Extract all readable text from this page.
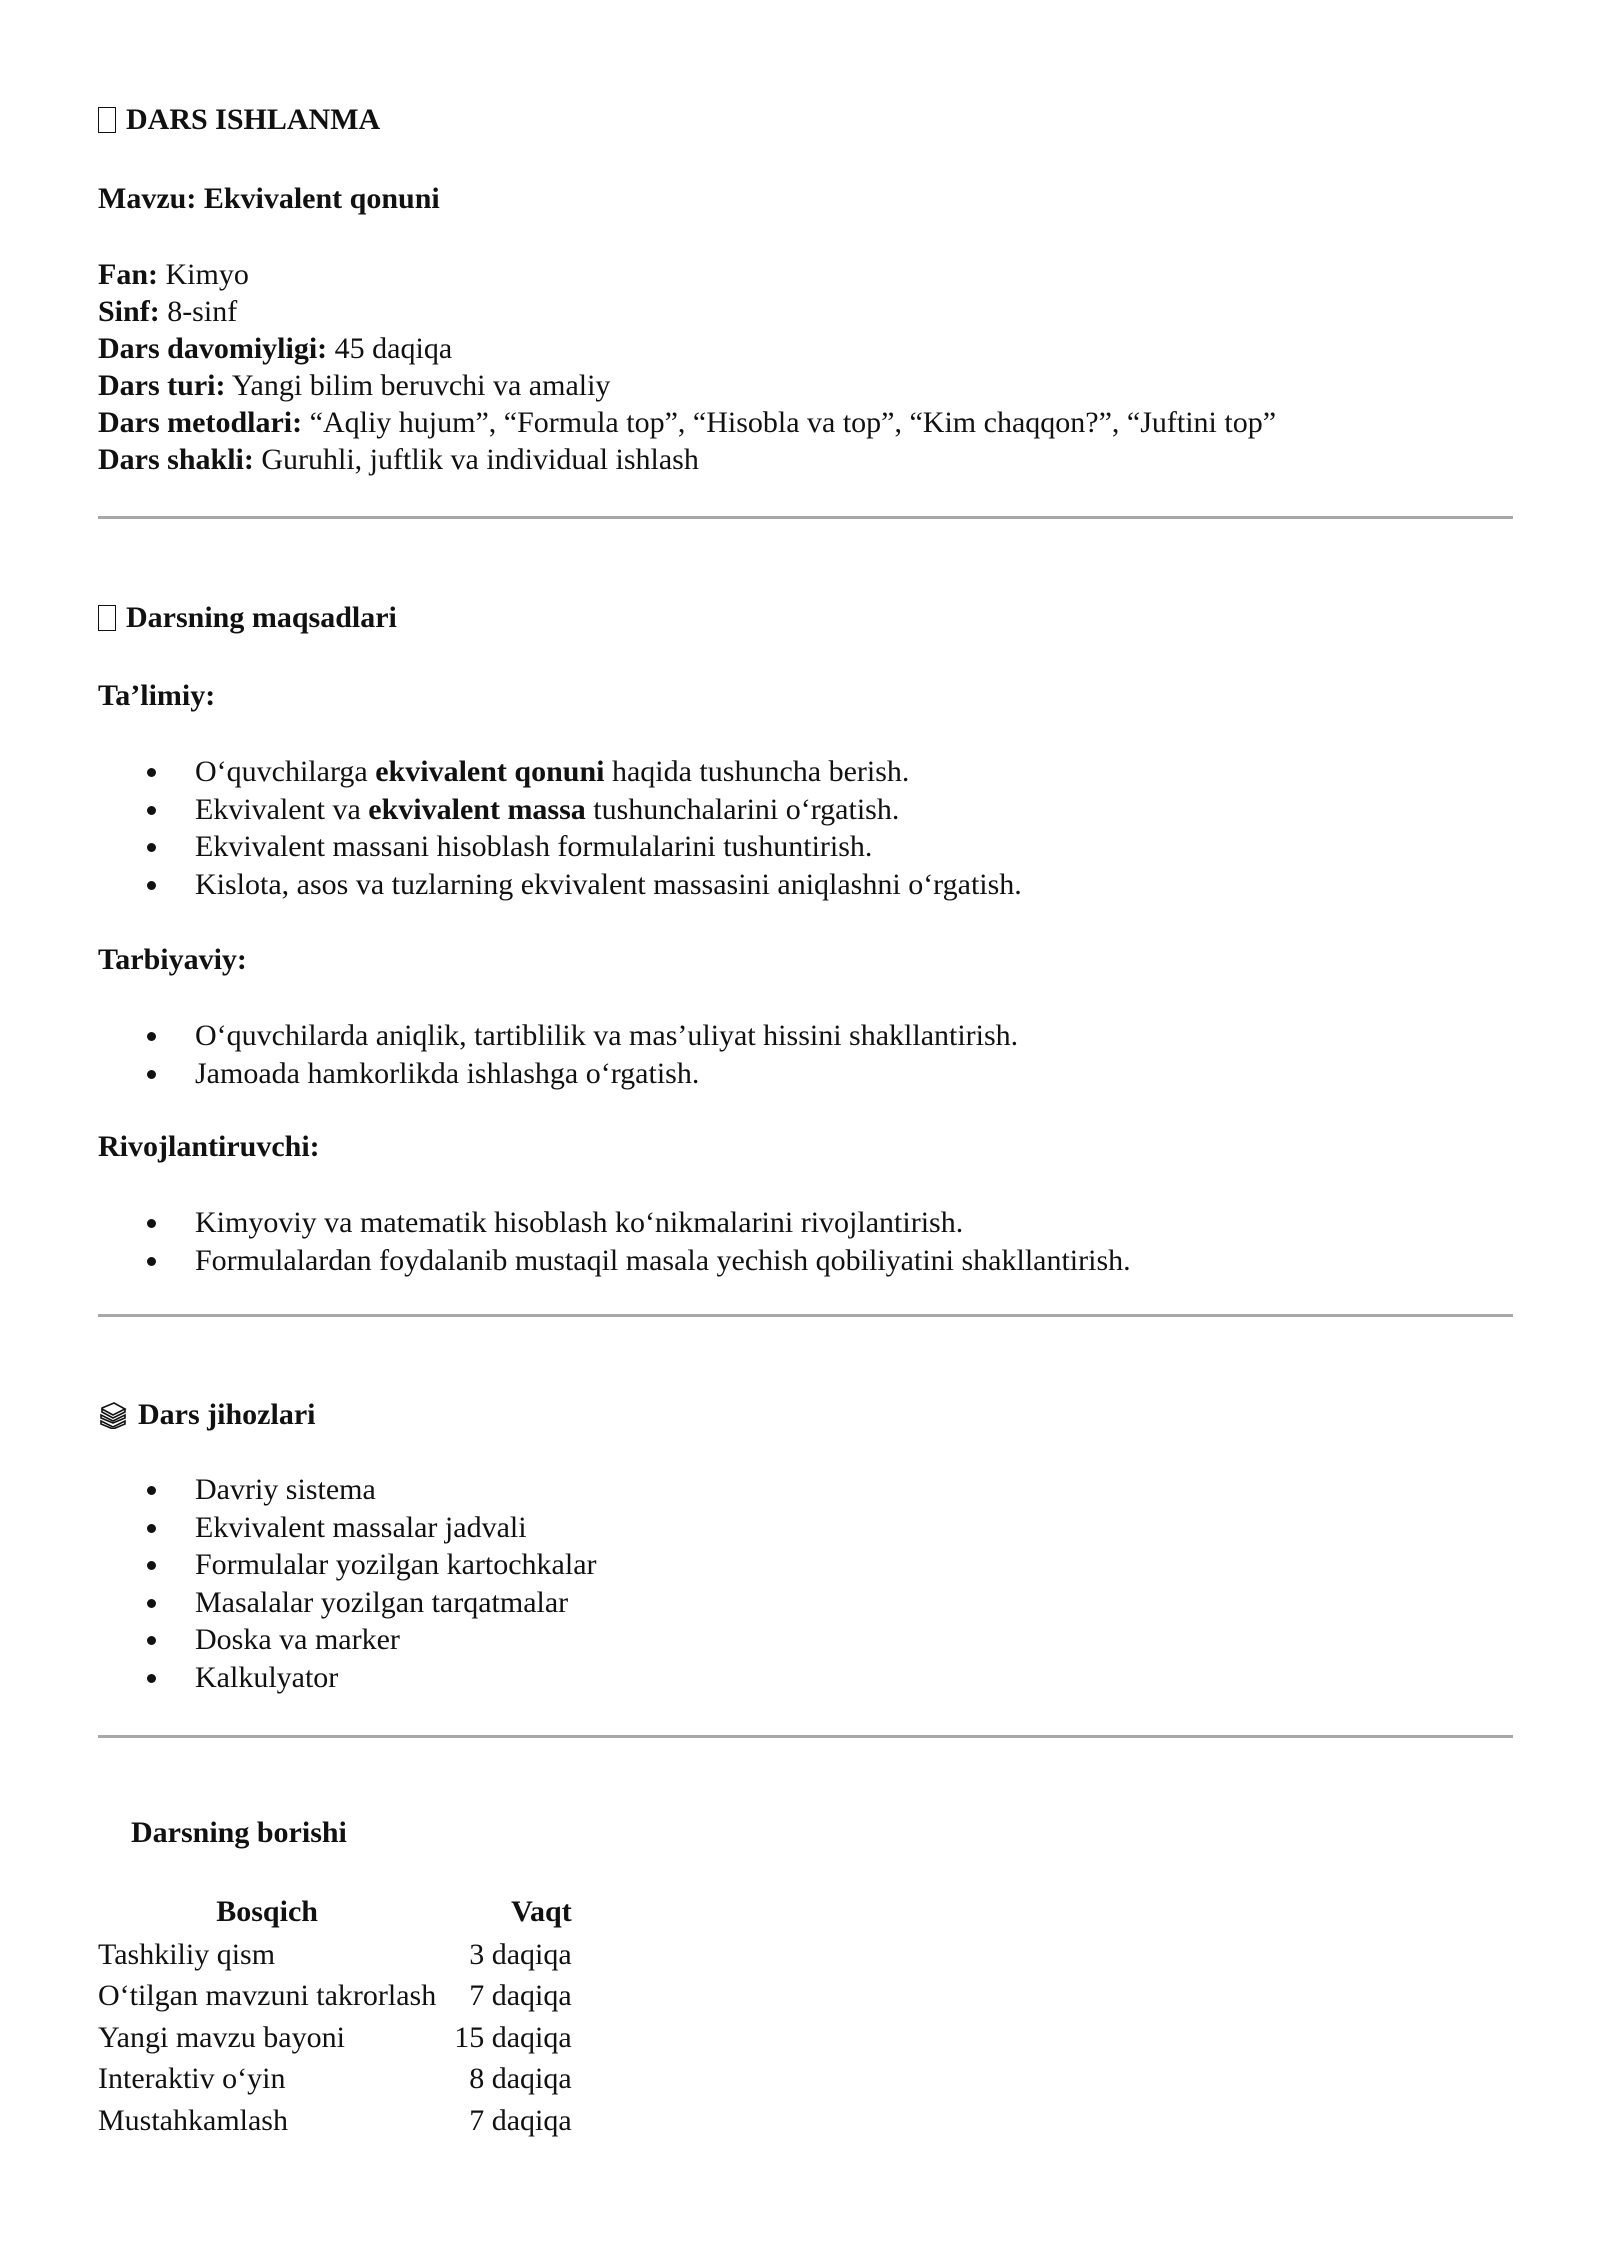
DARS ISHLANMA
Mavzu: Ekvivalent qonuni
Fan: Kimyo
Sinf: 8-sinf
Dars davomiyligi: 45 daqiqa
Dars turi: Yangi bilim beruvchi va amaliy
Dars metodlari: “Aqliy hujum”, “Formula top”, “Hisobla va top”, “Kim chaqqon?”, “Juftini top”
Dars shakli: Guruhli, juftlik va individual ishlash
Darsning maqsadlari
Ta’limiy:
O‘quvchilarga ekvivalent qonuni haqida tushuncha berish.
Ekvivalent va ekvivalent massa tushunchalarini o‘rgatish.
Ekvivalent massani hisoblash formulalarini tushuntirish.
Kislota, asos va tuzlarning ekvivalent massasini aniqlashni o‘rgatish.
Tarbiyaviy:
O‘quvchilarda aniqlik, tartiblilik va mas’uliyat hissini shakllantirish.
Jamoada hamkorlikda ishlashga o‘rgatish.
Rivojlantiruvchi:
Kimyoviy va matematik hisoblash ko‘nikmalarini rivojlantirish.
Formulalardan foydalanib mustaqil masala yechish qobiliyatini shakllantirish.
Dars jihozlari
Davriy sistema
Ekvivalent massalar jadvali
Formulalar yozilgan kartochkalar
Masalalar yozilgan tarqatmalar
Doska va marker
Kalkulyator
Darsning borishi
Bosqich	Vaqt
Tashkiliy qism	3 daqiqa
O‘tilgan mavzuni takrorlash	7 daqiqa
Yangi mavzu bayoni	15 daqiqa
Interaktiv o‘yin	8 daqiqa
Mustahkamlash	7 daqiqa
